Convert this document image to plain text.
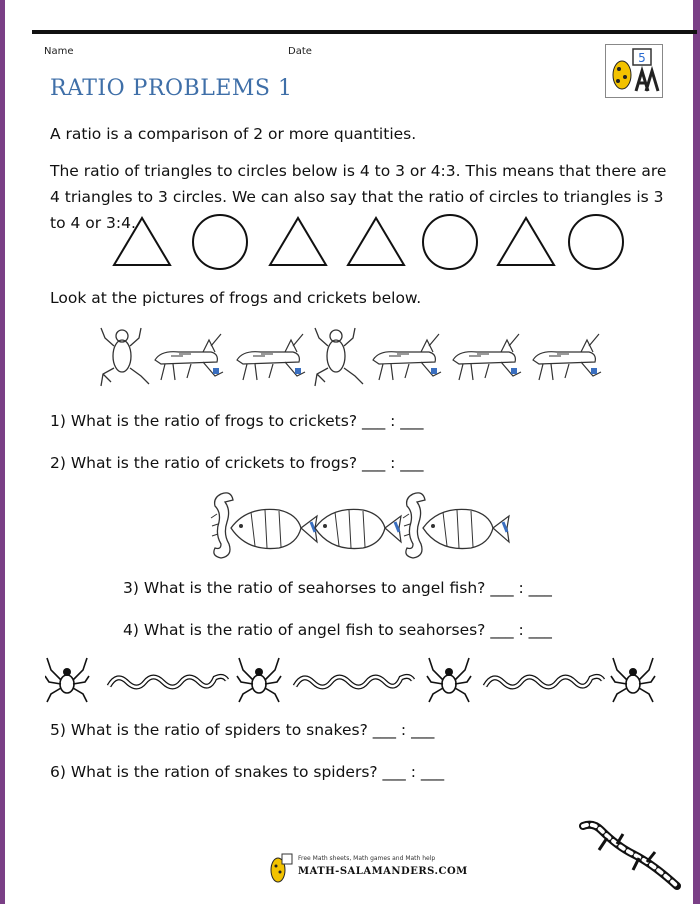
Name	Date	5
RATIO PROBLEMS 1
A ratio is a comparison of 2 or more quantities.
The ratio of triangles to circles below is 4 to 3 or 4:3. This means that there are 4 triangles to 3 circles. We can also say that the ratio of circles to triangles is 3 to 4 or 3:4.
Look at the pictures of frogs and crickets below.
1) What is the ratio of frogs to crickets? ___ : ___
2) What is the ratio of crickets to frogs? ___ : ___
3) What is the ratio of seahorses to angel fish? ___ : ___
4) What is the ratio of angel fish to seahorses? ___ : ___
5) What is the ratio of spiders to snakes? ___ : ___
6) What is the ration of snakes to spiders? ___ : ___
Free Math sheets, Math games and Math help
MATH-SALAMANDERS.COM
